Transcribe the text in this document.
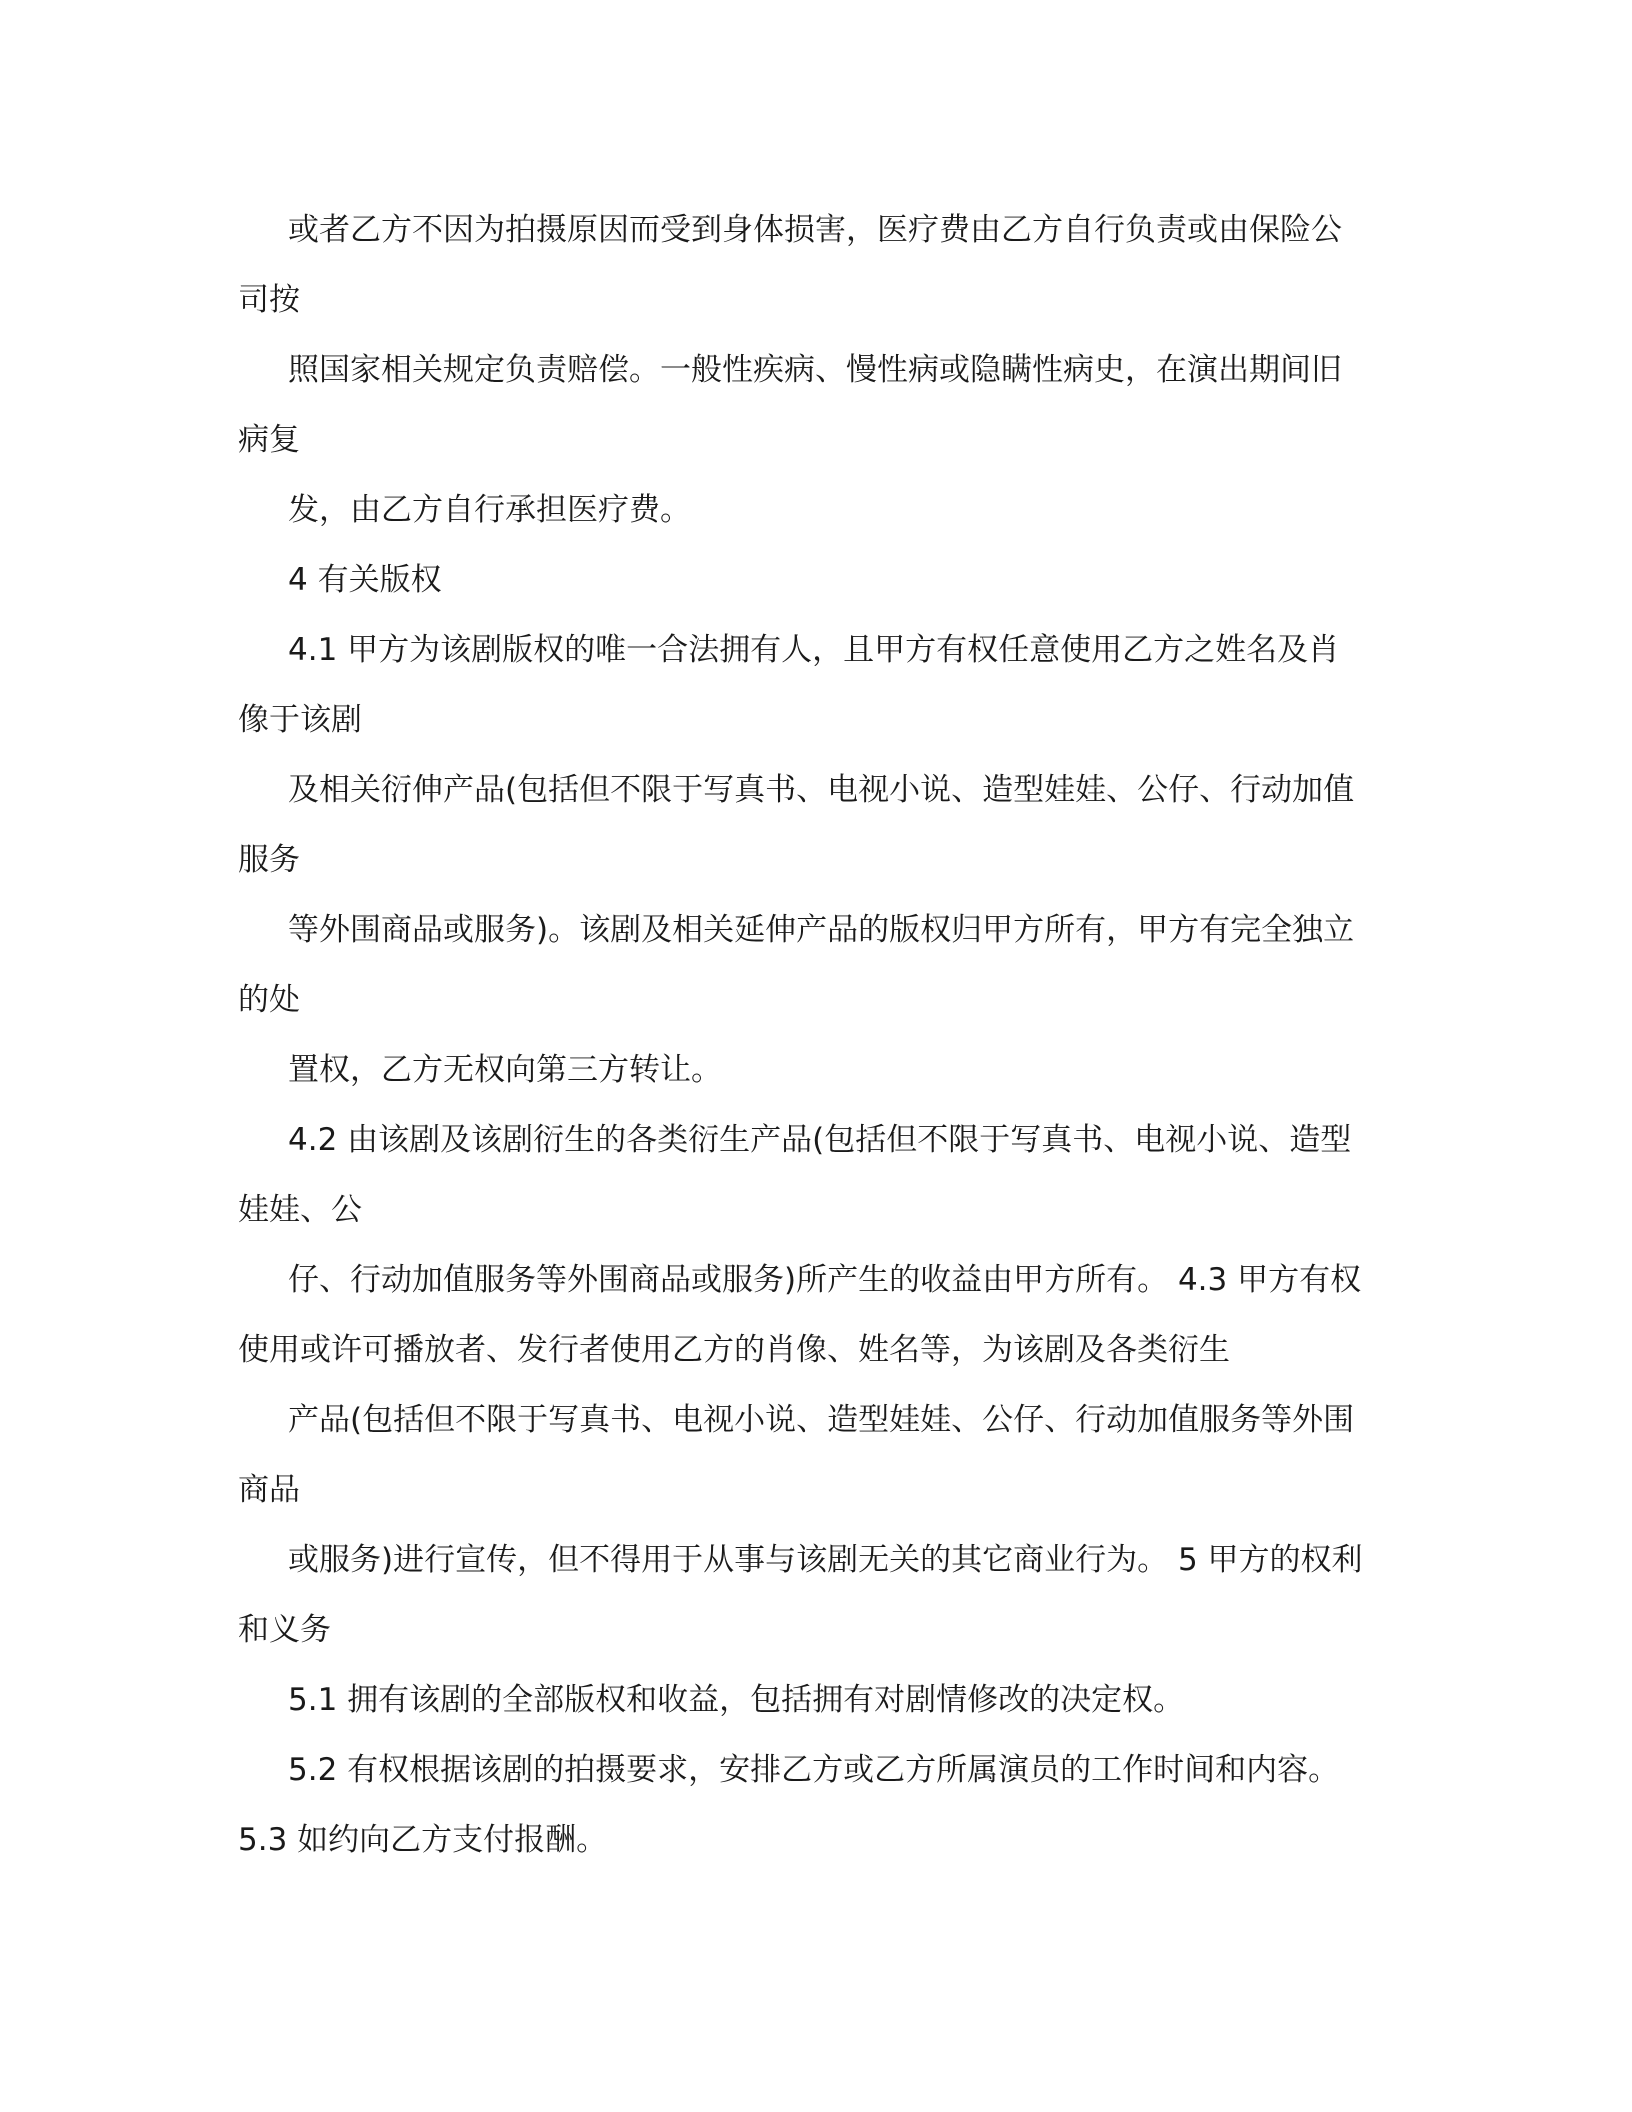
或者乙方不因为拍摄原因而受到身体损害，医疗费由乙方自行负责或由保险公
司按
照国家相关规定负责赔偿。一般性疾病、慢性病或隐瞒性病史，在演出期间旧
病复
发，由乙方自行承担医疗费。
4 有关版权
4.1 甲方为该剧版权的唯一合法拥有人，且甲方有权任意使用乙方之姓名及肖
像于该剧
及相关衍伸产品(包括但不限于写真书、电视小说、造型娃娃、公仔、行动加值
服务
等外围商品或服务)。该剧及相关延伸产品的版权归甲方所有，甲方有完全独立
的处
置权，乙方无权向第三方转让。
4.2 由该剧及该剧衍生的各类衍生产品(包括但不限于写真书、电视小说、造型
娃娃、公
仔、行动加值服务等外围商品或服务)所产生的收益由甲方所有。 4.3 甲方有权
使用或许可播放者、发行者使用乙方的肖像、姓名等，为该剧及各类衍生
产品(包括但不限于写真书、电视小说、造型娃娃、公仔、行动加值服务等外围
商品
或服务)进行宣传，但不得用于从事与该剧无关的其它商业行为。 5 甲方的权利
和义务
5.1 拥有该剧的全部版权和收益，包括拥有对剧情修改的决定权。
5.2 有权根据该剧的拍摄要求，安排乙方或乙方所属演员的工作时间和内容。
5.3 如约向乙方支付报酬。
